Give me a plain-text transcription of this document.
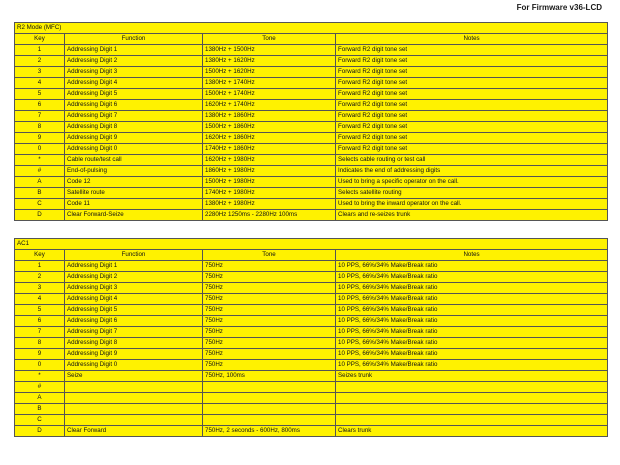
For Firmware v36-LCD
R2 Mode (MFC)			
Key	Function	Tone	Notes
1	Addressing Digit 1	1380Hz + 1500Hz	Forward R2 digit tone set
2	Addressing Digit 2	1380Hz + 1620Hz	Forward R2 digit tone set
3	Addressing Digit 3	1500Hz + 1620Hz	Forward R2 digit tone set
4	Addressing Digit 4	1380Hz + 1740Hz	Forward R2 digit tone set
5	Addressing Digit 5	1500Hz + 1740Hz	Forward R2 digit tone set
6	Addressing Digit 6	1620Hz + 1740Hz	Forward R2 digit tone set
7	Addressing Digit 7	1380Hz + 1860Hz	Forward R2 digit tone set
8	Addressing Digit 8	1500Hz + 1860Hz	Forward R2 digit tone set
9	Addressing Digit 9	1620Hz + 1860Hz	Forward R2 digit tone set
0	Addressing Digit 0	1740Hz + 1860Hz	Forward R2 digit tone set
*	Cable route/test call	1620Hz + 1980Hz	Selects cable routing or test call
#	End-of-pulsing	1860Hz + 1980Hz	Indicates the end of addressing digits
A	Code 12	1500Hz + 1980Hz	Used to bring a specific operator on the call.
B	Satellite route	1740Hz + 1980Hz	Selects satellite routing
C	Code 11	1380Hz + 1980Hz	Used to bring the inward operator on the call.
D	Clear Forward-Seize	2280Hz 1250ms - 2280Hz 100ms	Clears and re-seizes trunk
AC1			
Key	Function	Tone	Notes
1	Addressing Digit 1	750Hz	10 PPS, 66%/34% Make/Break ratio
2	Addressing Digit 2	750Hz	10 PPS, 66%/34% Make/Break ratio
3	Addressing Digit 3	750Hz	10 PPS, 66%/34% Make/Break ratio
4	Addressing Digit 4	750Hz	10 PPS, 66%/34% Make/Break ratio
5	Addressing Digit 5	750Hz	10 PPS, 66%/34% Make/Break ratio
6	Addressing Digit 6	750Hz	10 PPS, 66%/34% Make/Break ratio
7	Addressing Digit 7	750Hz	10 PPS, 66%/34% Make/Break ratio
8	Addressing Digit 8	750Hz	10 PPS, 66%/34% Make/Break ratio
9	Addressing Digit 9	750Hz	10 PPS, 66%/34% Make/Break ratio
0	Addressing Digit 0	750Hz	10 PPS, 66%/34% Make/Break ratio
*	Seize	750Hz, 100ms	Seizes trunk
#			
A			
B			
C			
D	Clear Forward	750Hz, 2 seconds - 600Hz, 800ms	Clears trunk
